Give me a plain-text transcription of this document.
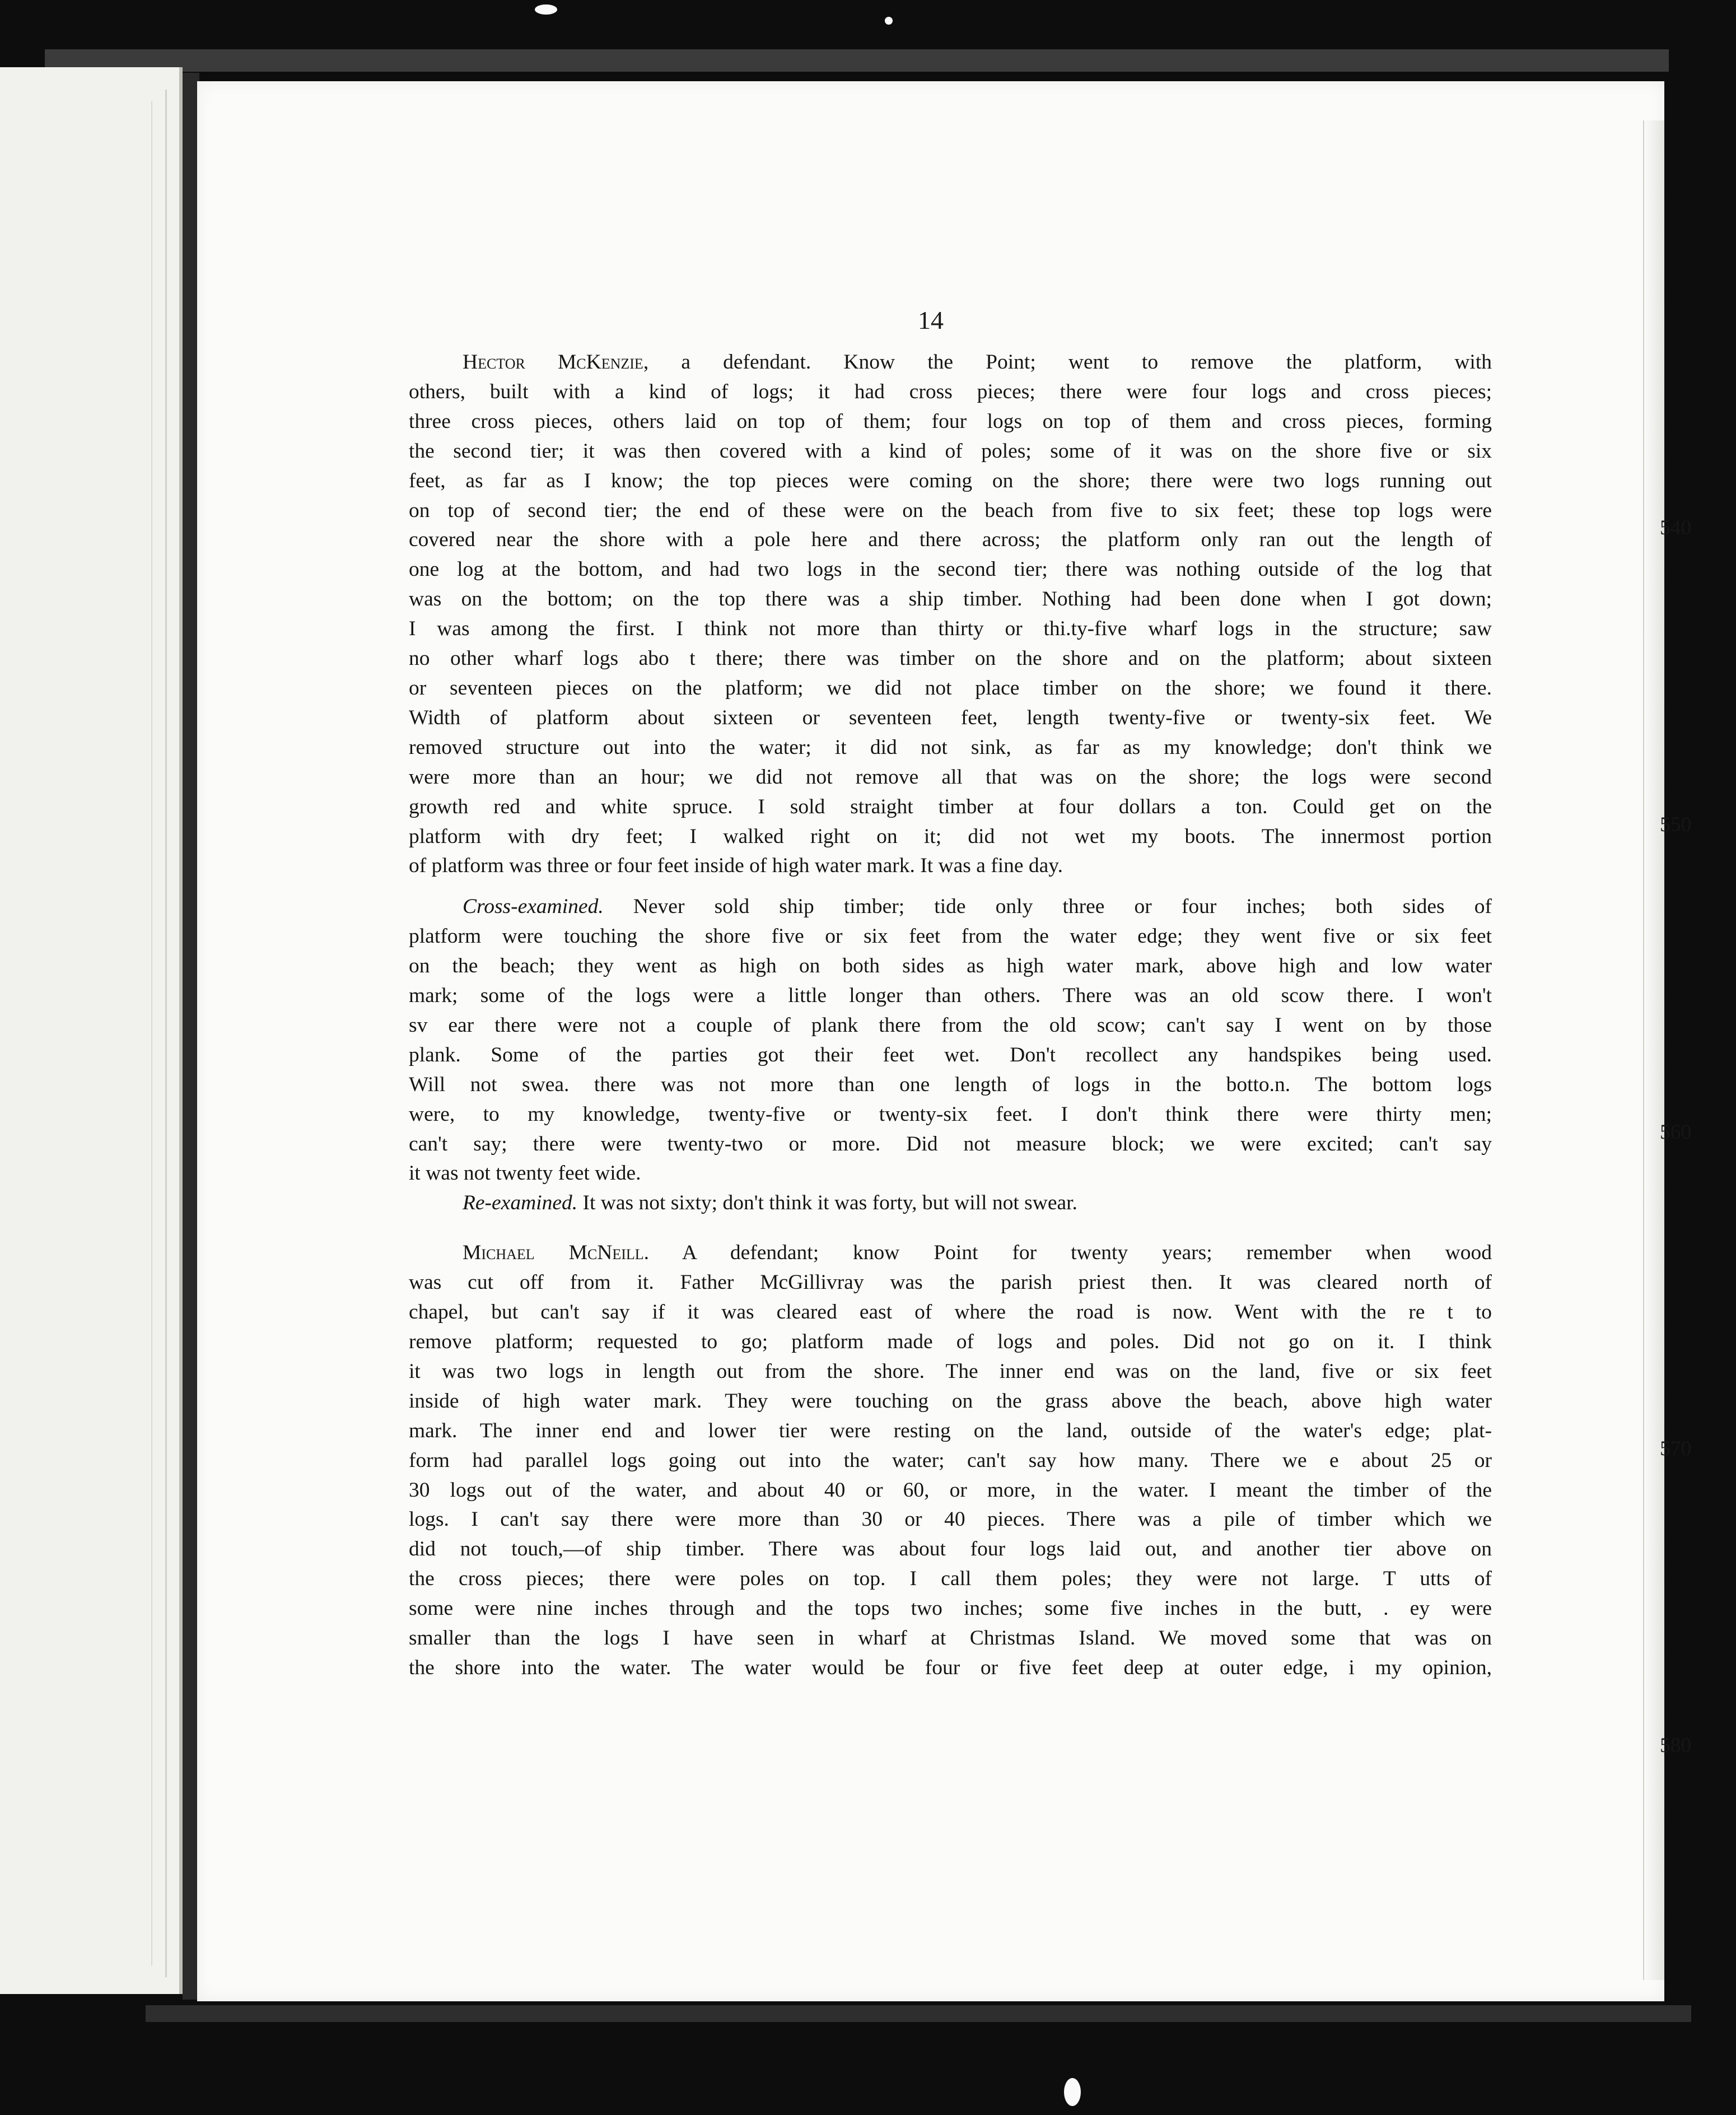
14
Hector McKenzie, a defendant. Know the Point; went to remove the platform, with
others, built with a kind of logs; it had cross pieces; there were four logs and cross pieces;
three cross pieces, others laid on top of them; four logs on top of them and cross pieces, forming
the second tier; it was then covered with a kind of poles; some of it was on the shore five or six
feet, as far as I know; the top pieces were coming on the shore; there were two logs running out
on top of second tier; the end of these were on the beach from five to six feet; these top logs were
covered near the shore with a pole here and there across; the platform only ran out the length of
one log at the bottom, and had two logs in the second tier; there was nothing outside of the log that
was on the bottom; on the top there was a ship timber. Nothing had been done when I got down;
I was among the first. I think not more than thirty or thi.ty-five wharf logs in the structure; saw
no other wharf logs abo t there; there was timber on the shore and on the platform; about sixteen
or seventeen pieces on the platform; we did not place timber on the shore; we found it there.
Width of platform about sixteen or seventeen feet, length twenty-five or twenty-six feet. We
removed structure out into the water; it did not sink, as far as my knowledge; don't think we
were more than an hour; we did not remove all that was on the shore; the logs were second
growth red and white spruce. I sold straight timber at four dollars a ton. Could get on the
platform with dry feet; I walked right on it; did not wet my boots. The innermost portion
of platform was three or four feet inside of high water mark. It was a fine day.
Cross-examined. Never sold ship timber; tide only three or four inches; both sides of
platform were touching the shore five or six feet from the water edge; they went five or six feet
on the beach; they went as high on both sides as high water mark, above high and low water
mark; some of the logs were a little longer than others. There was an old scow there. I won't
sv ear there were not a couple of plank there from the old scow; can't say I went on by those
plank. Some of the parties got their feet wet. Don't recollect any handspikes being used.
Will not swea. there was not more than one length of logs in the botto.n. The bottom logs
were, to my knowledge, twenty-five or twenty-six feet. I don't think there were thirty men;
can't say; there were twenty-two or more. Did not measure block; we were excited; can't say
it was not twenty feet wide.
Re-examined. It was not sixty; don't think it was forty, but will not swear.
Michael McNeill. A defendant; know Point for twenty years; remember when wood
was cut off from it. Father McGillivray was the parish priest then. It was cleared north of
chapel, but can't say if it was cleared east of where the road is now. Went with the re t to
remove platform; requested to go; platform made of logs and poles. Did not go on it. I think
it was two logs in length out from the shore. The inner end was on the land, five or six feet
inside of high water mark. They were touching on the grass above the beach, above high water
mark. The inner end and lower tier were resting on the land, outside of the water's edge; plat-
form had parallel logs going out into the water; can't say how many. There we e about 25 or
30 logs out of the water, and about 40 or 60, or more, in the water. I meant the timber of the
logs. I can't say there were more than 30 or 40 pieces. There was a pile of timber which we
did not touch,—of ship timber. There was about four logs laid out, and another tier above on
the cross pieces; there were poles on top. I call them poles; they were not large. T utts of
some were nine inches through and the tops two inches; some five inches in the butt, . ey were
smaller than the logs I have seen in wharf at Christmas Island. We moved some that was on
the shore into the water. The water would be four or five feet deep at outer edge, i my opinion,
540
550
560
570
580
